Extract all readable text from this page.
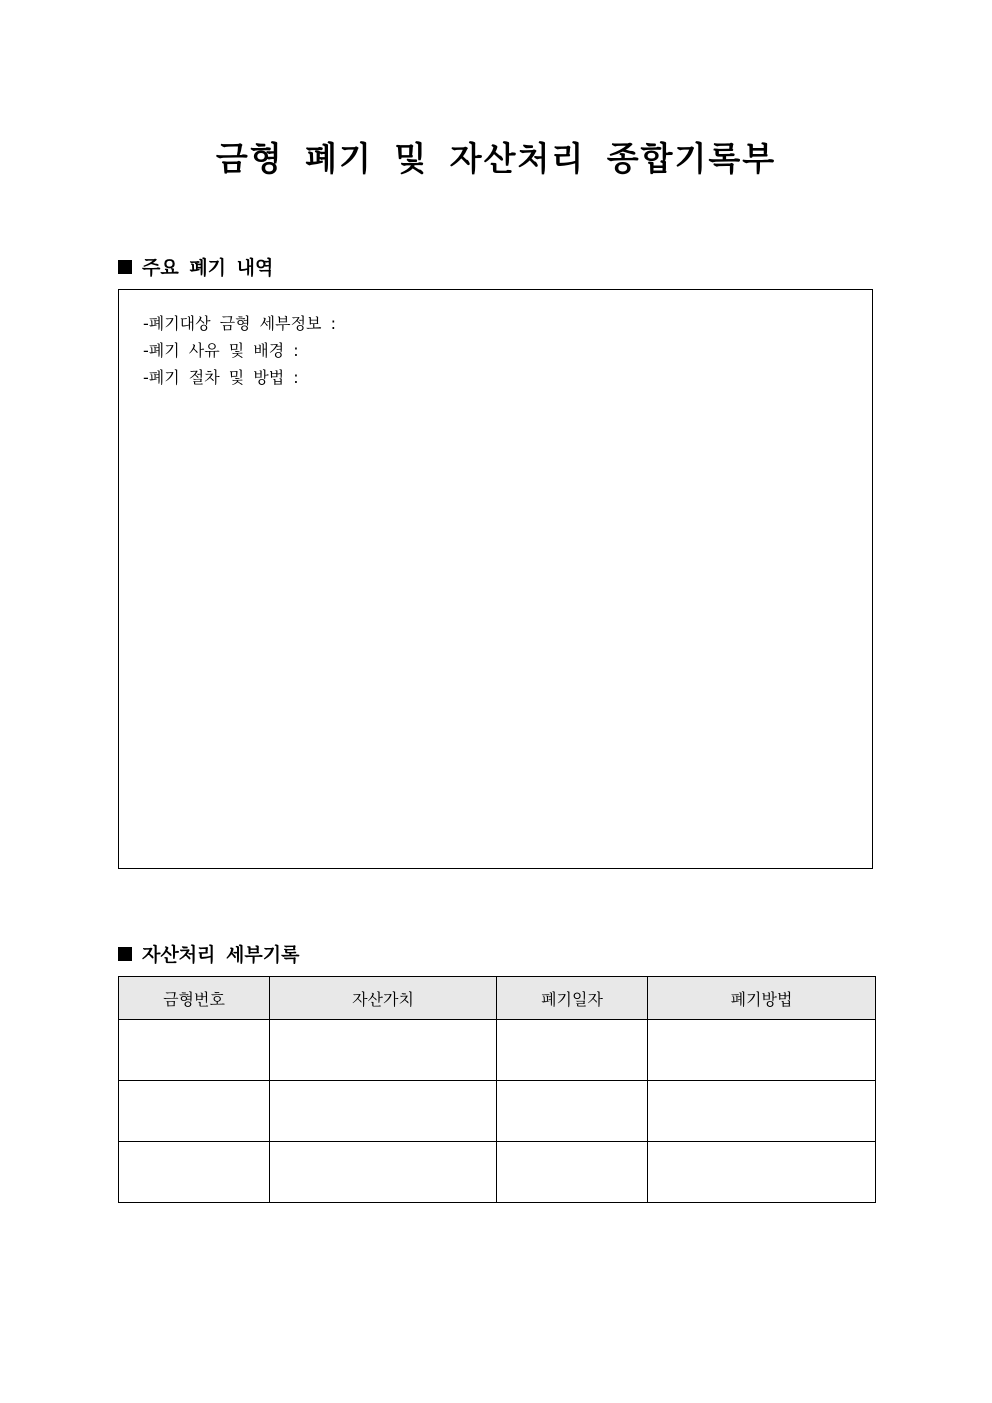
금형 폐기 및 자산처리 종합기록부
주요 폐기 내역
-폐기대상 금형 세부정보 :
-폐기 사유 및 배경 :
-폐기 절차 및 방법 :
자산처리 세부기록
금형번호	자산가치	폐기일자	폐기방법
